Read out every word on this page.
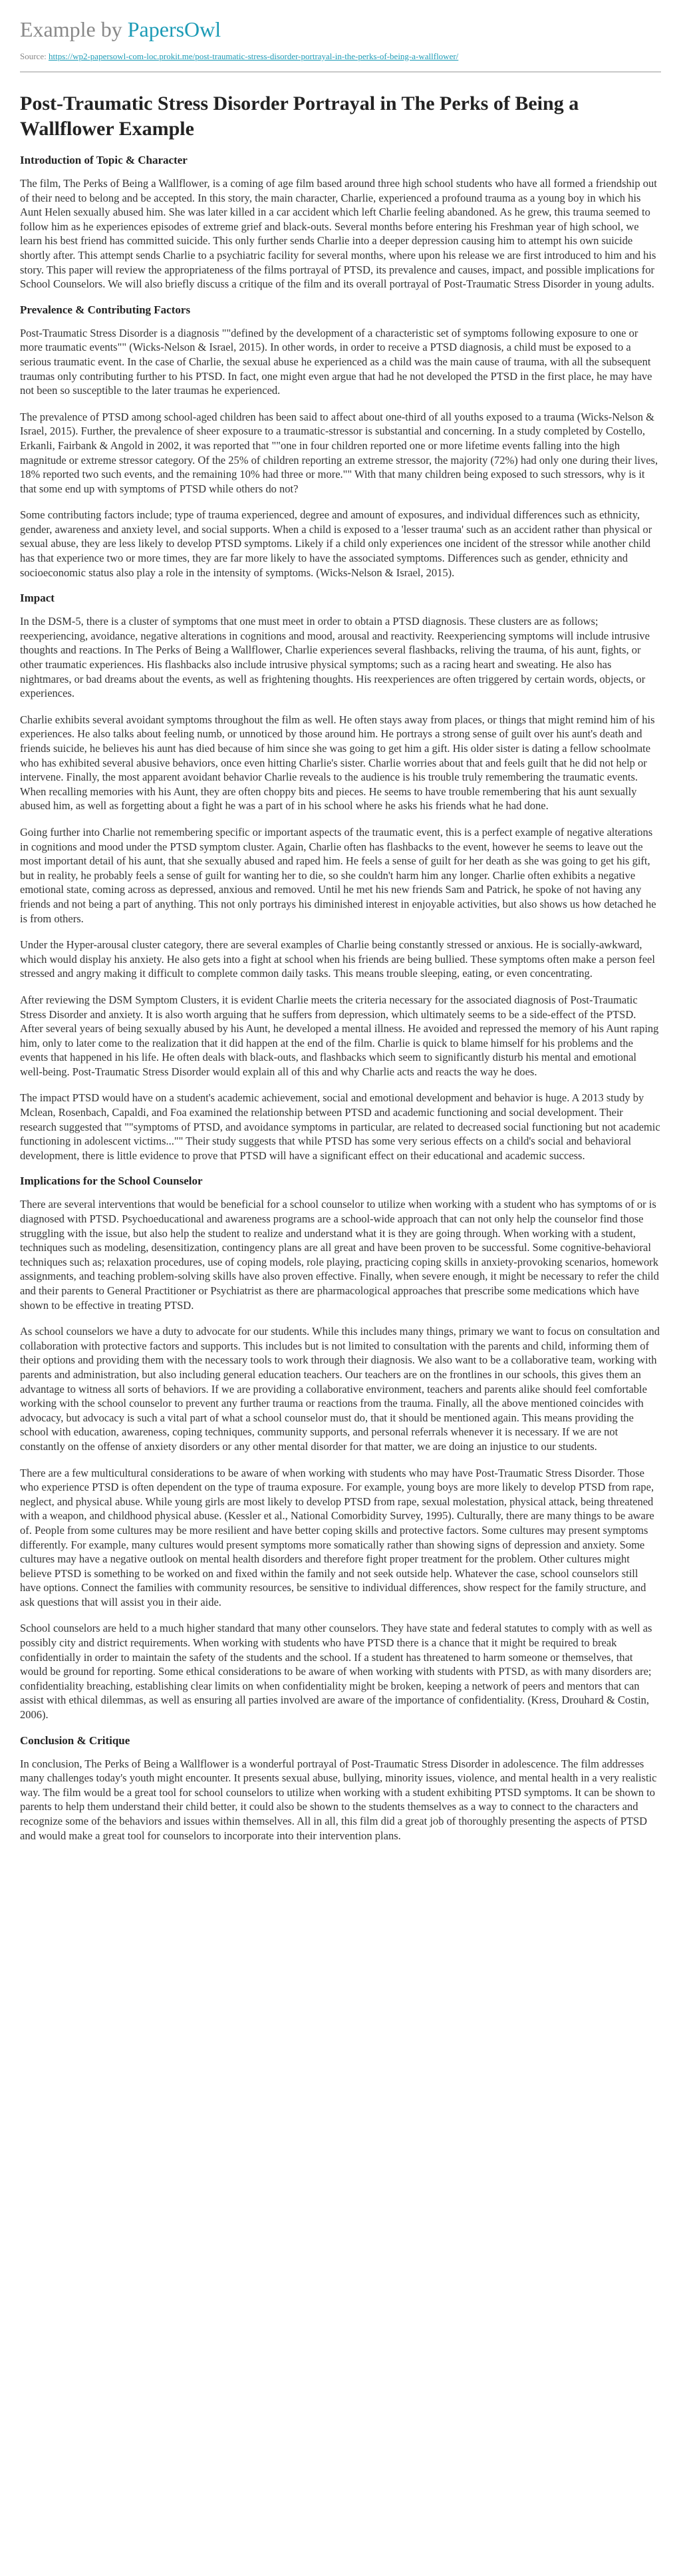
Example by PapersOwl
Source: https://wp2-papersowl-com-loc.prokit.me/post-traumatic-stress-disorder-portrayal-in-the-perks-of-being-a-wallflower/
Post-Traumatic Stress Disorder Portrayal in The Perks of Being a Wallflower Example
Introduction of Topic & Character

The film, The Perks of Being a Wallflower, is a coming of age film based around three high school students who have all formed a friendship out of their need to belong and be accepted. In this story, the main character, Charlie, experienced a profound trauma as a young boy in which his Aunt Helen sexually abused him. She was later killed in a car accident which left Charlie feeling abandoned. As he grew, this trauma seemed to follow him as he experiences episodes of extreme grief and black-outs. Several months before entering his Freshman year of high school, we learn his best friend has committed suicide. This only further sends Charlie into a deeper depression causing him to attempt his own suicide shortly after. This attempt sends Charlie to a psychiatric facility for several months, where upon his release we are first introduced to him and his story. This paper will review the appropriateness of the films portrayal of PTSD, its prevalence and causes, impact, and possible implications for School Counselors. We will also briefly discuss a critique of the film and its overall portrayal of Post-Traumatic Stress Disorder in young adults.

Prevalence & Contributing Factors

Post-Traumatic Stress Disorder is a diagnosis ""defined by the development of a characteristic set of symptoms following exposure to one or more traumatic events"" (Wicks-Nelson & Israel, 2015). In other words, in order to receive a PTSD diagnosis, a child must be exposed to a serious traumatic event. In the case of Charlie, the sexual abuse he experienced as a child was the main cause of trauma, with all the subsequent traumas only contributing further to his PTSD. In fact, one might even argue that had he not developed the PTSD in the first place, he may have not been so susceptible to the later traumas he experienced.

The prevalence of PTSD among school-aged children has been said to affect about one-third of all youths exposed to a trauma (Wicks-Nelson & Israel, 2015). Further, the prevalence of sheer exposure to a traumatic-stressor is substantial and concerning. In a study completed by Costello, Erkanli, Fairbank & Angold in 2002, it was reported that ""one in four children reported one or more lifetime events falling into the high magnitude or extreme stressor category. Of the 25% of children reporting an extreme stressor, the majority (72%) had only one during their lives, 18% reported two such events, and the remaining 10% had three or more."" With that many children being exposed to such stressors, why is it that some end up with symptoms of PTSD while others do not?

Some contributing factors include; type of trauma experienced, degree and amount of exposures, and individual differences such as ethnicity, gender, awareness and anxiety level, and social supports. When a child is exposed to a 'lesser trauma' such as an accident rather than physical or sexual abuse, they are less likely to develop PTSD symptoms. Likely if a child only experiences one incident of the stressor while another child has that experience two or more times, they are far more likely to have the associated symptoms. Differences such as gender, ethnicity and socioeconomic status also play a role in the intensity of symptoms. (Wicks-Nelson & Israel, 2015).

Impact

In the DSM-5, there is a cluster of symptoms that one must meet in order to obtain a PTSD diagnosis. These clusters are as follows; reexperiencing, avoidance, negative alterations in cognitions and mood, arousal and reactivity. Reexperiencing symptoms will include intrusive thoughts and reactions. In The Perks of Being a Wallflower, Charlie experiences several flashbacks, reliving the trauma, of his aunt, fights, or other traumatic experiences. His flashbacks also include intrusive physical symptoms; such as a racing heart and sweating. He also has nightmares, or bad dreams about the events, as well as frightening thoughts. His reexperiences are often triggered by certain words, objects, or experiences.

Charlie exhibits several avoidant symptoms throughout the film as well. He often stays away from places, or things that might remind him of his experiences. He also talks about feeling numb, or unnoticed by those around him. He portrays a strong sense of guilt over his aunt's death and friends suicide, he believes his aunt has died because of him since she was going to get him a gift. His older sister is dating a fellow schoolmate who has exhibited several abusive behaviors, once even hitting Charlie's sister. Charlie worries about that and feels guilt that he did not help or intervene. Finally, the most apparent avoidant behavior Charlie reveals to the audience is his trouble truly remembering the traumatic events. When recalling memories with his Aunt, they are often choppy bits and pieces. He seems to have trouble remembering that his aunt sexually abused him, as well as forgetting about a fight he was a part of in his school where he asks his friends what he had done.

Going further into Charlie not remembering specific or important aspects of the traumatic event, this is a perfect example of negative alterations in cognitions and mood under the PTSD symptom cluster. Again, Charlie often has flashbacks to the event, however he seems to leave out the most important detail of his aunt, that she sexually abused and raped him. He feels a sense of guilt for her death as she was going to get his gift, but in reality, he probably feels a sense of guilt for wanting her to die, so she couldn't harm him any longer. Charlie often exhibits a negative emotional state, coming across as depressed, anxious and removed. Until he met his new friends Sam and Patrick, he spoke of not having any friends and not being a part of anything. This not only portrays his diminished interest in enjoyable activities, but also shows us how detached he is from others.

Under the Hyper-arousal cluster category, there are several examples of Charlie being constantly stressed or anxious. He is socially-awkward, which would display his anxiety. He also gets into a fight at school when his friends are being bullied. These symptoms often make a person feel stressed and angry making it difficult to complete common daily tasks. This means trouble sleeping, eating, or even concentrating.

After reviewing the DSM Symptom Clusters, it is evident Charlie meets the criteria necessary for the associated diagnosis of Post-Traumatic Stress Disorder and anxiety. It is also worth arguing that he suffers from depression, which ultimately seems to be a side-effect of the PTSD. After several years of being sexually abused by his Aunt, he developed a mental illness. He avoided and repressed the memory of his Aunt raping him, only to later come to the realization that it did happen at the end of the film. Charlie is quick to blame himself for his problems and the events that happened in his life. He often deals with black-outs, and flashbacks which seem to significantly disturb his mental and emotional well-being. Post-Traumatic Stress Disorder would explain all of this and why Charlie acts and reacts the way he does.

The impact PTSD would have on a student's academic achievement, social and emotional development and behavior is huge. A 2013 study by Mclean, Rosenbach, Capaldi, and Foa examined the relationship between PTSD and academic functioning and social development. Their research suggested that ""symptoms of PTSD, and avoidance symptoms in particular, are related to decreased social functioning but not academic functioning in adolescent victims..."" Their study suggests that while PTSD has some very serious effects on a child's social and behavioral development, there is little evidence to prove that PTSD will have a significant effect on their educational and academic success.

Implications for the School Counselor

There are several interventions that would be beneficial for a school counselor to utilize when working with a student who has symptoms of or is diagnosed with PTSD. Psychoeducational and awareness programs are a school-wide approach that can not only help the counselor find those struggling with the issue, but also help the student to realize and understand what it is they are going through. When working with a student, techniques such as modeling, desensitization, contingency plans are all great and have been proven to be successful. Some cognitive-behavioral techniques such as; relaxation procedures, use of coping models, role playing, practicing coping skills in anxiety-provoking scenarios, homework assignments, and teaching problem-solving skills have also proven effective. Finally, when severe enough, it might be necessary to refer the child and their parents to General Practitioner or Psychiatrist as there are pharmacological approaches that prescribe some medications which have shown to be effective in treating PTSD.

As school counselors we have a duty to advocate for our students. While this includes many things, primary we want to focus on consultation and collaboration with protective factors and supports. This includes but is not limited to consultation with the parents and child, informing them of their options and providing them with the necessary tools to work through their diagnosis. We also want to be a collaborative team, working with parents and administration, but also including general education teachers. Our teachers are on the frontlines in our schools, this gives them an advantage to witness all sorts of behaviors. If we are providing a collaborative environment, teachers and parents alike should feel comfortable working with the school counselor to prevent any further trauma or reactions from the trauma. Finally, all the above mentioned coincides with advocacy, but advocacy is such a vital part of what a school counselor must do, that it should be mentioned again. This means providing the school with education, awareness, coping techniques, community supports, and personal referrals whenever it is necessary. If we are not constantly on the offense of anxiety disorders or any other mental disorder for that matter, we are doing an injustice to our students.

There are a few multicultural considerations to be aware of when working with students who may have Post-Traumatic Stress Disorder. Those who experience PTSD is often dependent on the type of trauma exposure. For example, young boys are more likely to develop PTSD from rape, neglect, and physical abuse. While young girls are most likely to develop PTSD from rape, sexual molestation, physical attack, being threatened with a weapon, and childhood physical abuse. (Kessler et al., National Comorbidity Survey, 1995). Culturally, there are many things to be aware of. People from some cultures may be more resilient and have better coping skills and protective factors. Some cultures may present symptoms differently. For example, many cultures would present symptoms more somatically rather than showing signs of depression and anxiety. Some cultures may have a negative outlook on mental health disorders and therefore fight proper treatment for the problem. Other cultures might believe PTSD is something to be worked on and fixed within the family and not seek outside help. Whatever the case, school counselors still have options. Connect the families with community resources, be sensitive to individual differences, show respect for the family structure, and ask questions that will assist you in their aide.

School counselors are held to a much higher standard that many other counselors. They have state and federal statutes to comply with as well as possibly city and district requirements. When working with students who have PTSD there is a chance that it might be required to break confidentially in order to maintain the safety of the students and the school. If a student has threatened to harm someone or themselves, that would be ground for reporting. Some ethical considerations to be aware of when working with students with PTSD, as with many disorders are; confidentiality breaching, establishing clear limits on when confidentiality might be broken, keeping a network of peers and mentors that can assist with ethical dilemmas, as well as ensuring all parties involved are aware of the importance of confidentiality. (Kress, Drouhard & Costin, 2006).

Conclusion & Critique

In conclusion, The Perks of Being a Wallflower is a wonderful portrayal of Post-Traumatic Stress Disorder in adolescence. The film addresses many challenges today's youth might encounter. It presents sexual abuse, bullying, minority issues, violence, and mental health in a very realistic way. The film would be a great tool for school counselors to utilize when working with a student exhibiting PTSD symptoms. It can be shown to parents to help them understand their child better, it could also be shown to the students themselves as a way to connect to the characters and recognize some of the behaviors and issues within themselves. All in all, this film did a great job of thoroughly presenting the aspects of PTSD and would make a great tool for counselors to incorporate into their intervention plans.
